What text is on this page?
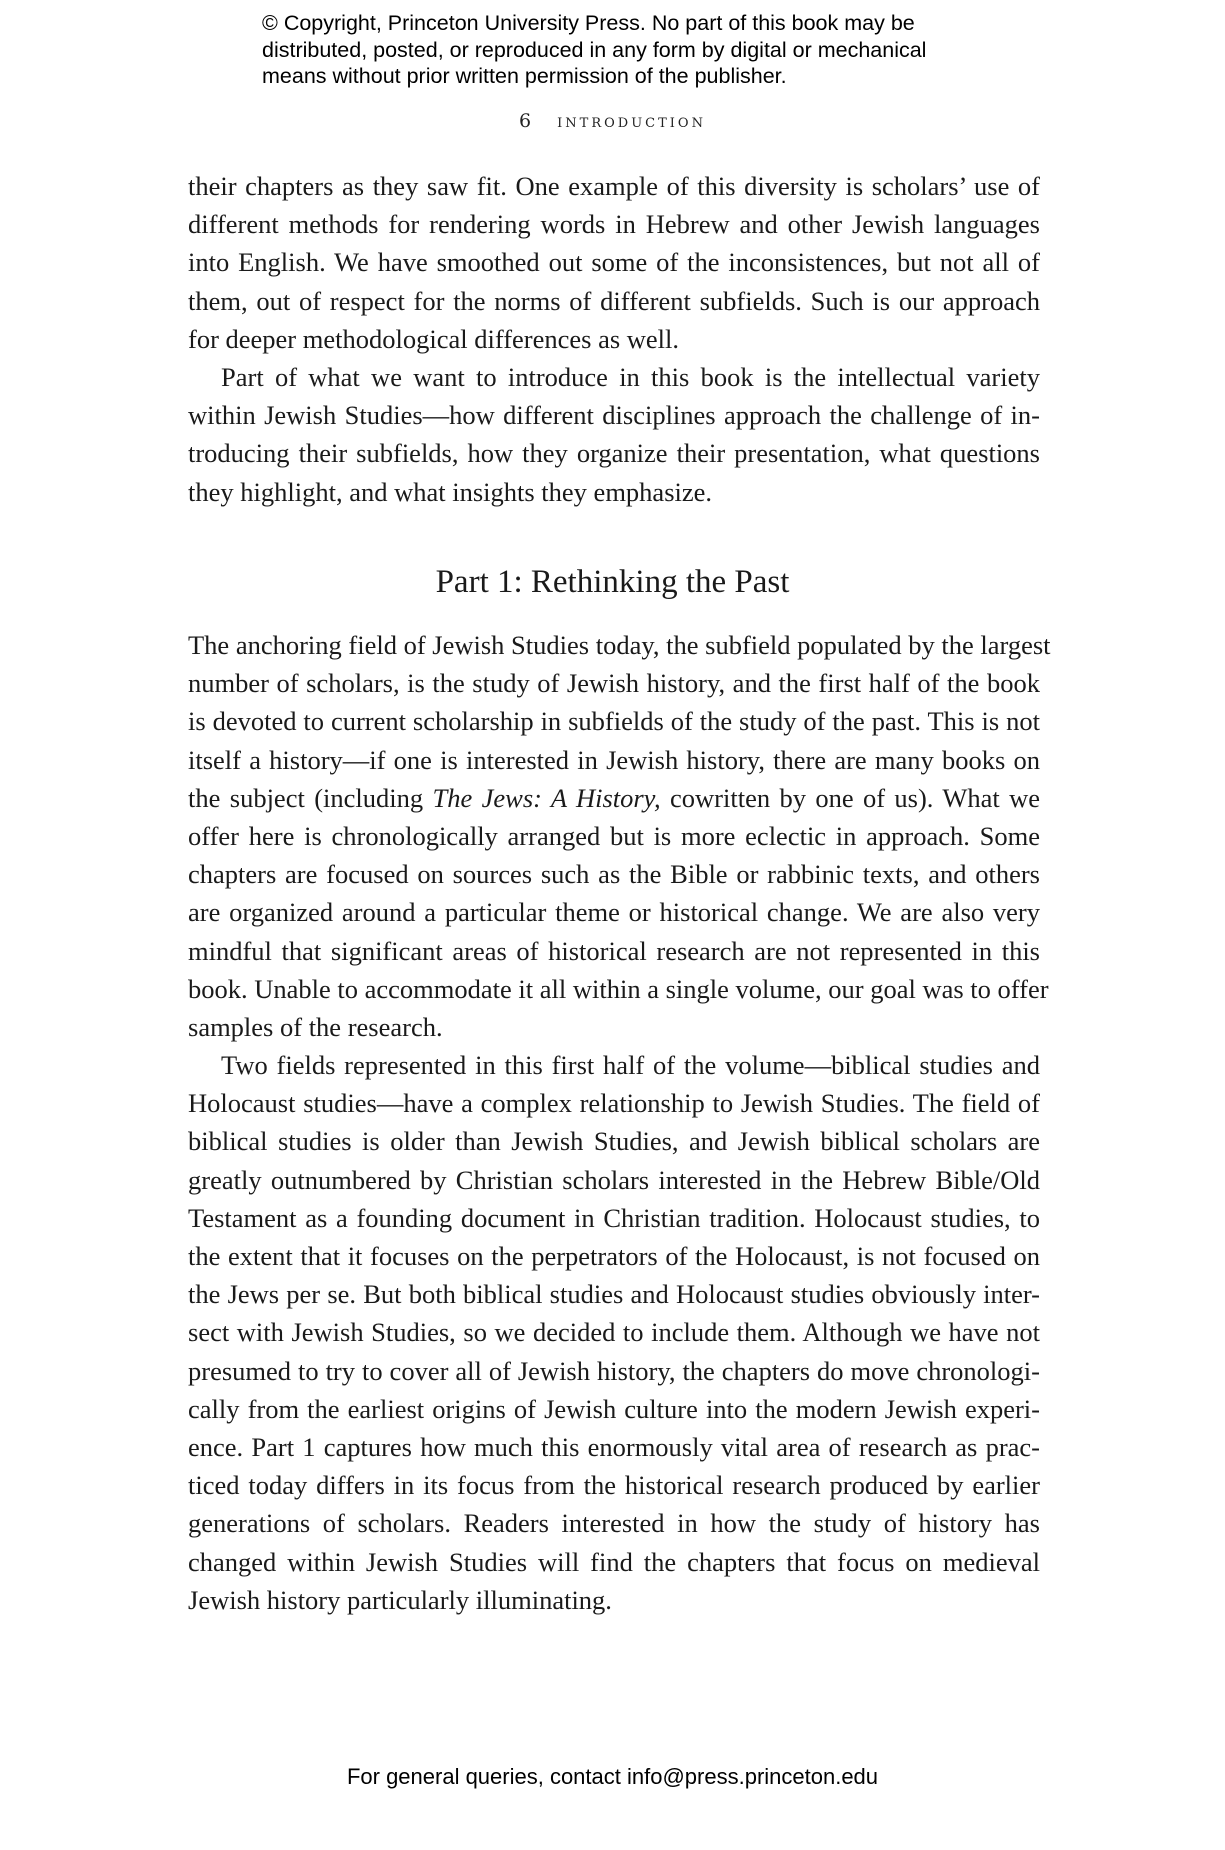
© Copyright, Princeton University Press. No part of this book may be
distributed, posted, or reproduced in any form by digital or mechanical
means without prior written permission of the publisher.
6 introduction
their chapters as they saw fit. One example of this diversity is scholars’ use of
different methods for rendering words in Hebrew and other Jewish languages
into English. We have smoothed out some of the inconsistences, but not all of
them, out of respect for the norms of different subfields. Such is our approach
for deeper methodological differences as well.
Part of what we want to introduce in this book is the intellectual variety
within Jewish Studies—how different disciplines approach the challenge of in-
troducing their subfields, how they organize their presentation, what questions
they highlight, and what insights they emphasize.
Part 1: Rethinking the Past
The anchoring field of Jewish Studies today, the subfield populated by the largest
number of scholars, is the study of Jewish history, and the first half of the book
is devoted to current scholarship in subfields of the study of the past. This is not
itself a history—if one is interested in Jewish history, there are many books on
the subject (including The Jews: A History, cowritten by one of us). What we
offer here is chronologically arranged but is more eclectic in approach. Some
chapters are focused on sources such as the Bible or rabbinic texts, and others
are organized around a particular theme or historical change. We are also very
mindful that significant areas of historical research are not represented in this
book. Unable to accommodate it all within a single volume, our goal was to offer
samples of the research.
Two fields represented in this first half of the volume—biblical studies and
Holocaust studies—have a complex relationship to Jewish Studies. The field of
biblical studies is older than Jewish Studies, and Jewish biblical scholars are
greatly outnumbered by Christian scholars interested in the Hebrew Bible/Old
Testament as a founding document in Christian tradition. Holocaust studies, to
the extent that it focuses on the perpetrators of the Holocaust, is not focused on
the Jews per se. But both biblical studies and Holocaust studies obviously inter-
sect with Jewish Studies, so we decided to include them. Although we have not
presumed to try to cover all of Jewish history, the chapters do move chronologi-
cally from the earliest origins of Jewish culture into the modern Jewish experi-
ence. Part 1 captures how much this enormously vital area of research as prac-
ticed today differs in its focus from the historical research produced by earlier
generations of scholars. Readers interested in how the study of history has
changed within Jewish Studies will find the chapters that focus on medieval
Jewish history particularly illuminating.
For general queries, contact info@press.princeton.edu
